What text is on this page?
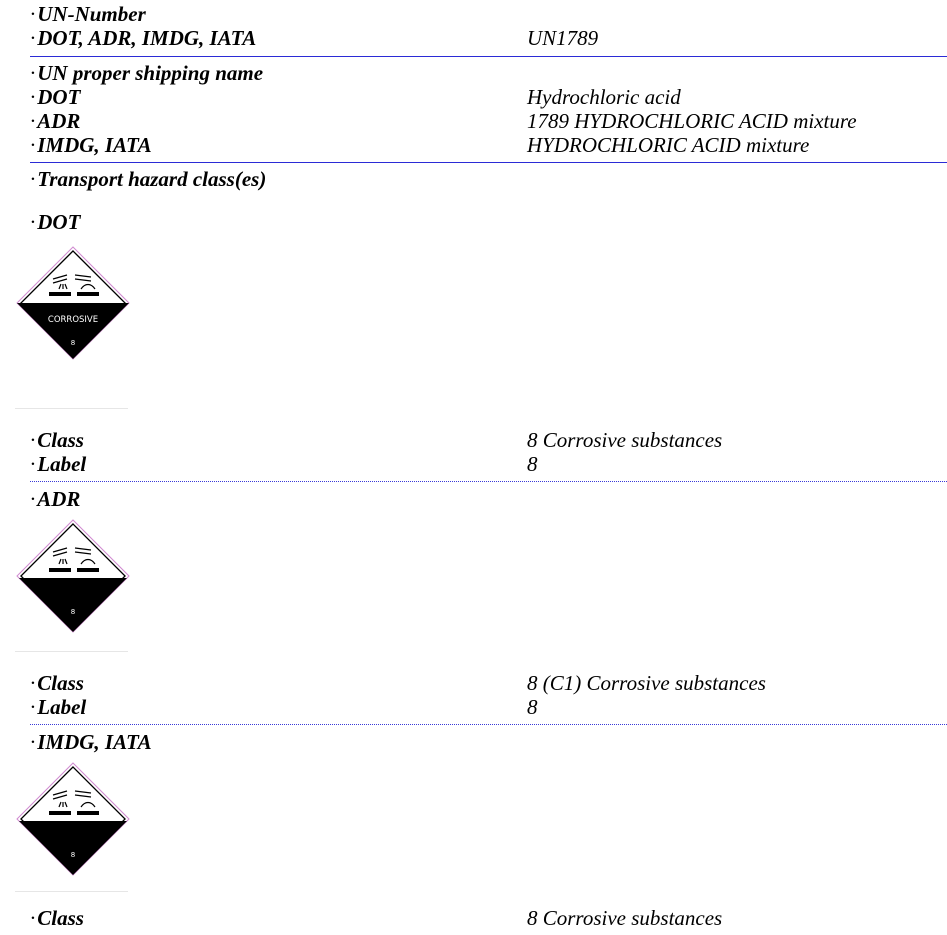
·UN-Number
·DOT, ADR, IMDG, IATA	UN1789
·UN proper shipping name
·DOT	Hydrochloric acid
·ADR	1789 HYDROCHLORIC ACID mixture
·IMDG, IATA	HYDROCHLORIC ACID mixture
·Transport hazard class(es)
·DOT
CORROSIVE
8
·Class	8 Corrosive substances
·Label	8
·ADR
8
·Class	8 (C1) Corrosive substances
·Label	8
·IMDG, IATA
8
·Class	8 Corrosive substances
